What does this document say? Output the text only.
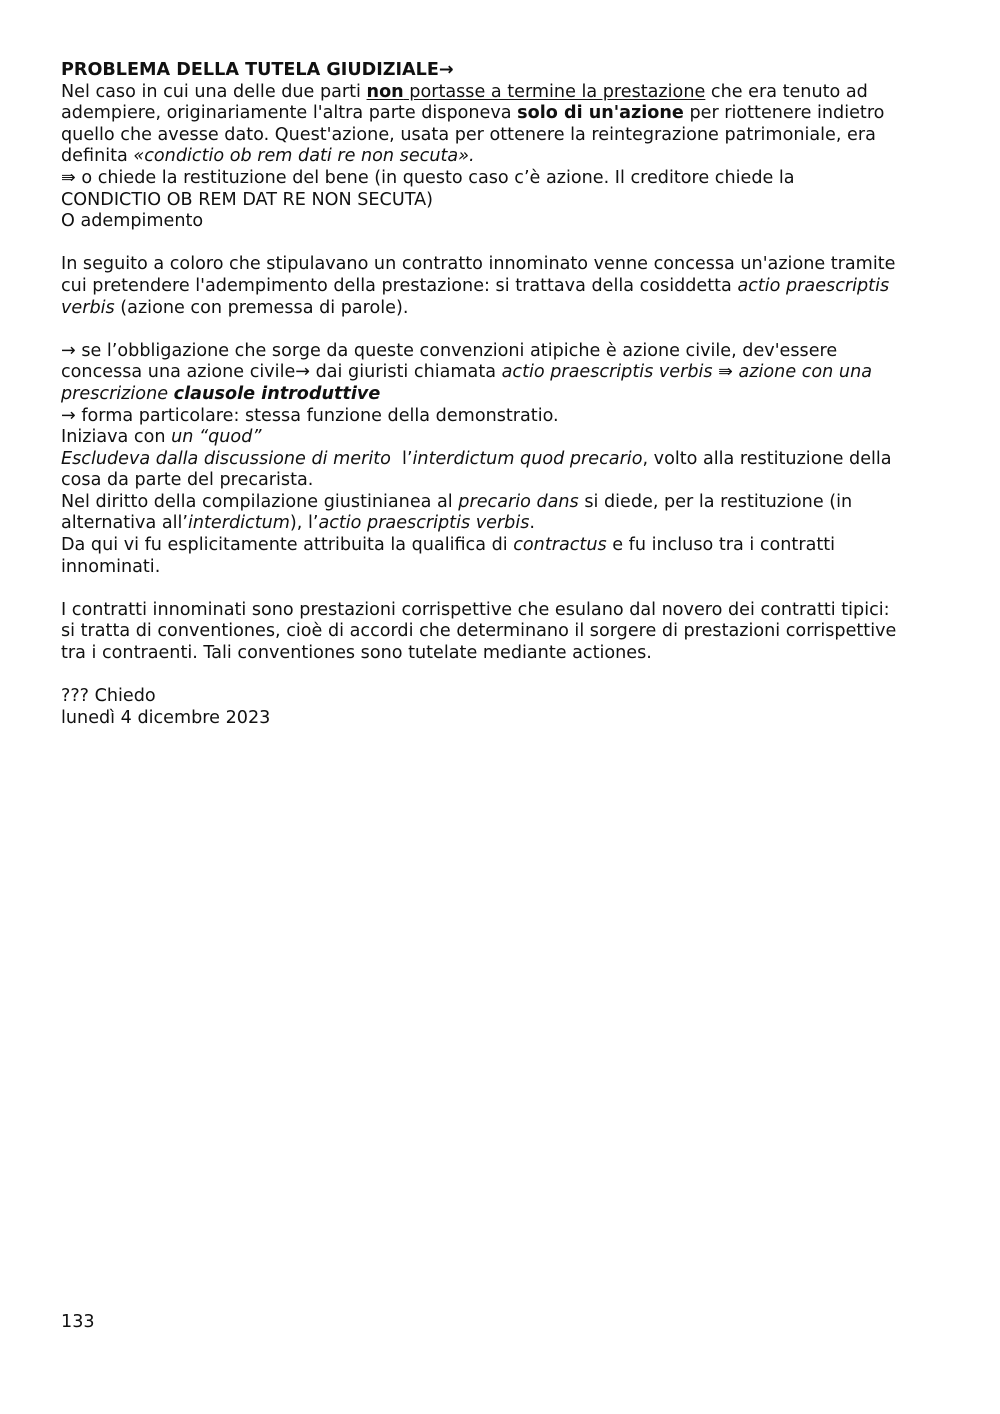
PROBLEMA DELLA TUTELA GIUDIZIALE→
Nel caso in cui una delle due parti non portasse a termine la prestazione che era tenuto ad
adempiere, originariamente l'altra parte disponeva solo di un'azione per riottenere indietro
quello che avesse dato. Quest'azione, usata per ottenere la reintegrazione patrimoniale, era
definita «condictio ob rem dati re non secuta».
⇛ o chiede la restituzione del bene (in questo caso c’è azione. Il creditore chiede la
CONDICTIO OB REM DAT RE NON SECUTA)
O adempimento
In seguito a coloro che stipulavano un contratto innominato venne concessa un'azione tramite
cui pretendere l'adempimento della prestazione: si trattava della cosiddetta actio praescriptis
verbis (azione con premessa di parole).
→ se l’obbligazione che sorge da queste convenzioni atipiche è azione civile, dev'essere
concessa una azione civile→ dai giuristi chiamata actio praescriptis verbis ⇛ azione con una
prescrizione clausole introduttive
→ forma particolare: stessa funzione della demonstratio.
Iniziava con un “quod”
Escludeva dalla discussione di merito  l’interdictum quod precario, volto alla restituzione della
cosa da parte del precarista.
Nel diritto della compilazione giustinianea al precario dans si diede, per la restituzione (in
alternativa all’interdictum), l’actio praescriptis verbis.
Da qui vi fu esplicitamente attribuita la qualifica di contractus e fu incluso tra i contratti
innominati.
I contratti innominati sono prestazioni corrispettive che esulano dal novero dei contratti tipici:
si tratta di conventiones, cioè di accordi che determinano il sorgere di prestazioni corrispettive
tra i contraenti. Tali conventiones sono tutelate mediante actiones.
??? Chiedo
lunedì 4 dicembre 2023
133
